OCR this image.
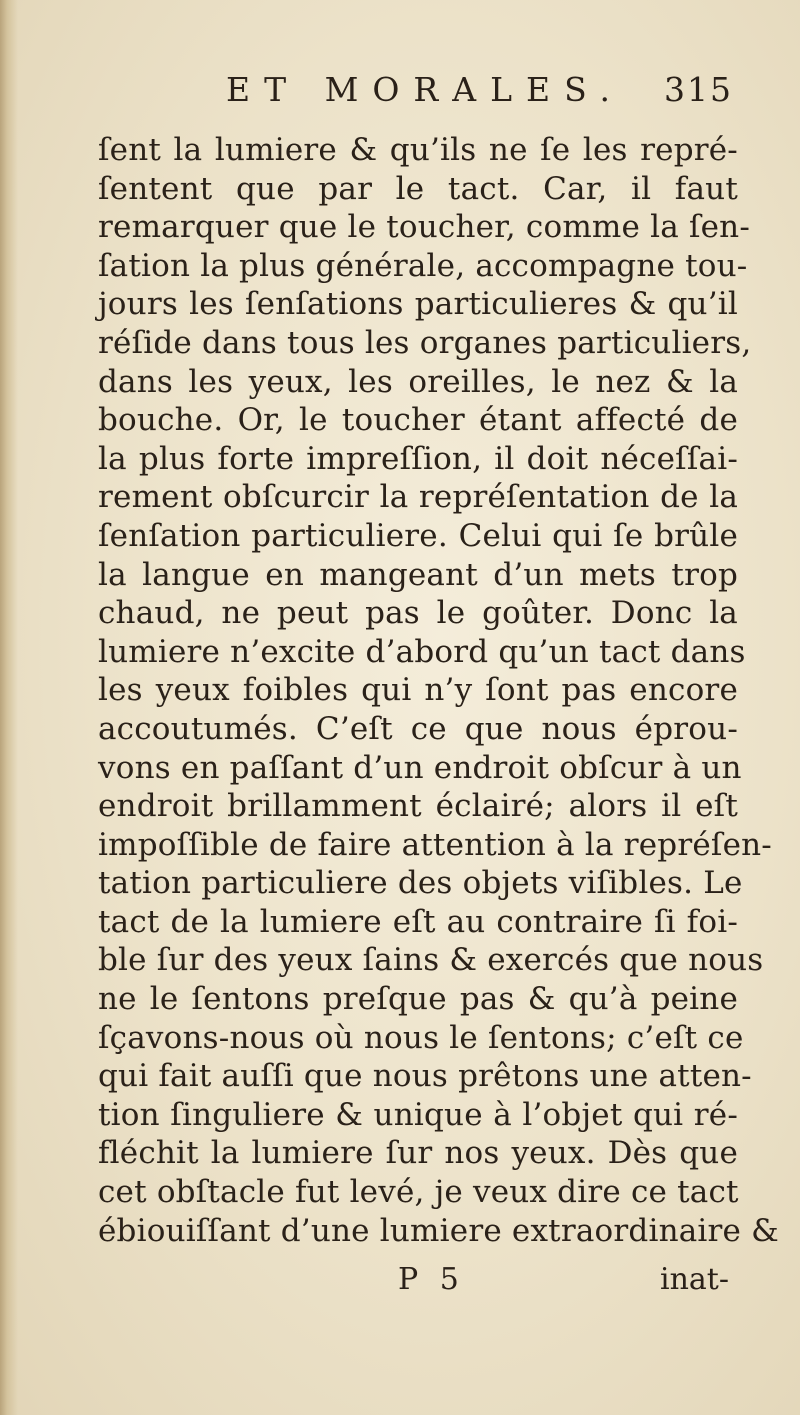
ET MORALES. 315
ſent la lumiere & qu’ils ne ſe les repré-
ſentent que par le tact. Car, il faut
remarquer que le toucher, comme la ſen-
ſation la plus générale, accompagne tou-
jours les ſenſations particulieres & qu’il
réſide dans tous les organes particuliers,
dans les yeux, les oreilles, le nez & la
bouche. Or, le toucher étant affecté de
la plus forte impreſſion, il doit néceſſai-
rement obſcurcir la repréſentation de la
ſenſation particuliere. Celui qui ſe brûle
la langue en mangeant d’un mets trop
chaud, ne peut pas le goûter. Donc la
lumiere n’excite d’abord qu’un tact dans
les yeux foibles qui n’y ſont pas encore
accoutumés. C’eſt ce que nous éprou-
vons en paſſant d’un endroit obſcur à un
endroit brillamment éclairé; alors il eſt
impoſſible de faire attention à la repréſen-
tation particuliere des objets viſibles. Le
tact de la lumiere eſt au contraire ſi foi-
ble ſur des yeux ſains & exercés que nous
ne le ſentons preſque pas & qu’à peine
ſçavons-nous où nous le ſentons; c’eſt ce
qui fait auſſi que nous prêtons une atten-
tion ſinguliere & unique à l’objet qui ré-
fléchit la lumiere ſur nos yeux. Dès que
cet obſtacle fut levé, je veux dire ce tact
ébiouiſſant d’une lumiere extraordinaire &
P 5	inat-
